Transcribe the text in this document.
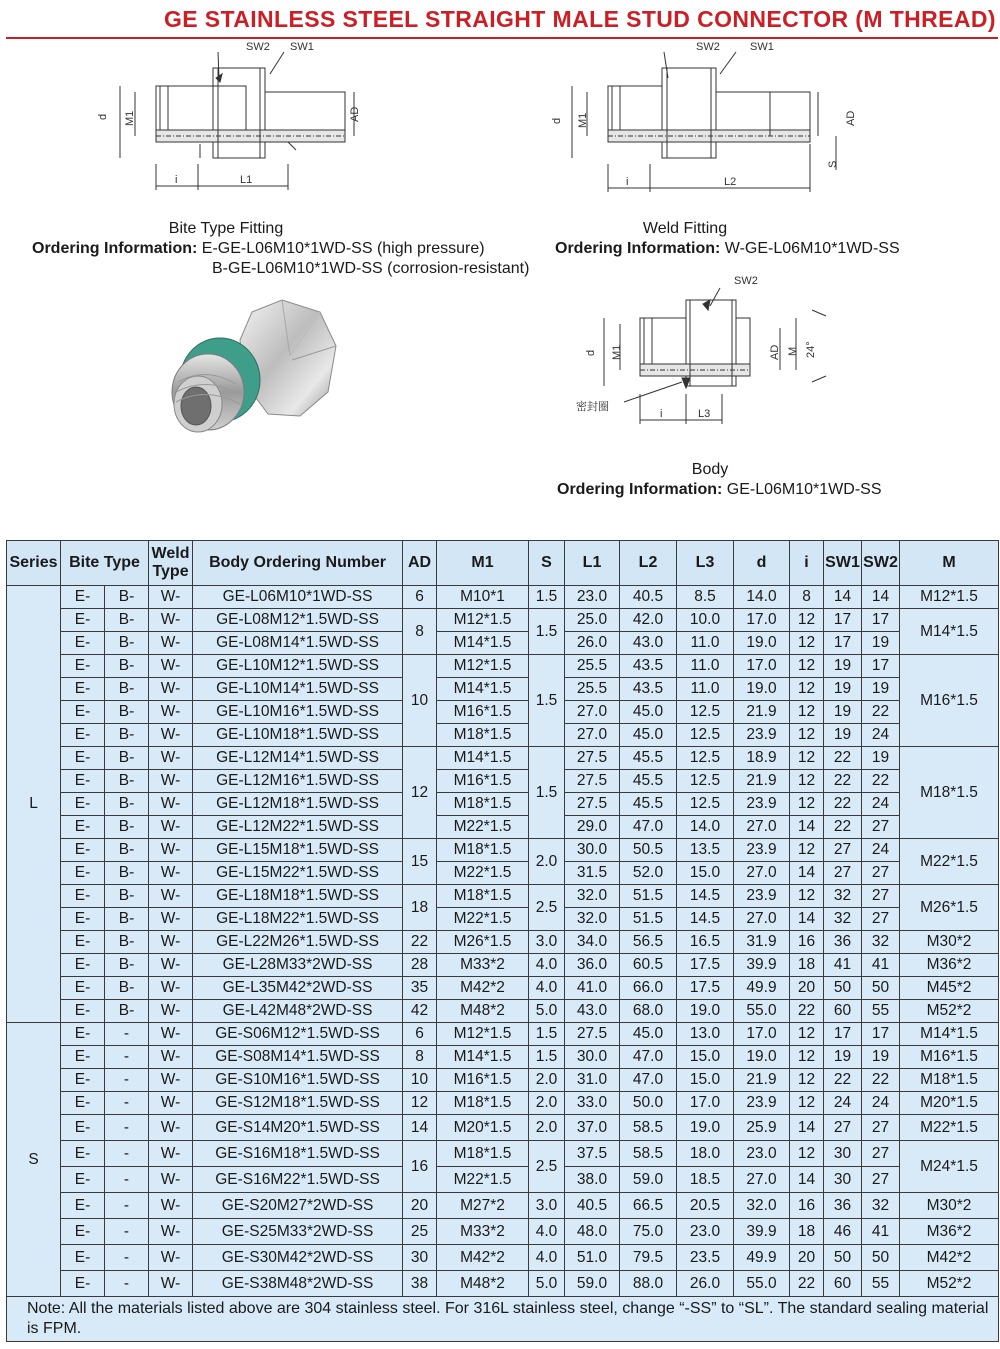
GE STAINLESS STEEL STRAIGHT MALE STUD CONNECTOR (M THREAD)
SW2 SW1
d M1	AD
i	L1
SW2	SW1
d M1	AD
S
i	L2
Bite Type Fitting
Ordering Information: E-GE-L06M10*1WD-SS (high pressure)
B-GE-L06M10*1WD-SS (corrosion-resistant)
Weld Fitting
Ordering Information: W-GE-L06M10*1WD-SS
SW2
d M1	AD M 24°
密封圈
i	L3
Body
Ordering Information: GE-L06M10*1WD-SS
Series	Bite Type		Weld Type	Body Ordering Number	AD	M1	S	L1	L2	L3	d	i	SW1	SW2	M
L	E-	B-	W-	GE-L06M10*1WD-SS	6	M10*1	1.5	23.0	40.5	8.5	14.0	8	14	14	M12*1.5
	E-	B-	W-	GE-L08M12*1.5WD-SS	8	M12*1.5	1.5	25.0	42.0	10.0	17.0	12	17	17	M14*1.5
	E-	B-	W-	GE-L08M14*1.5WD-SS		M14*1.5		26.0	43.0	11.0	19.0	12	17	19	
	E-	B-	W-	GE-L10M12*1.5WD-SS	10	M12*1.5	1.5	25.5	43.5	11.0	17.0	12	19	17	M16*1.5
	E-	B-	W-	GE-L10M14*1.5WD-SS		M14*1.5		25.5	43.5	11.0	19.0	12	19	19	
	E-	B-	W-	GE-L10M16*1.5WD-SS		M16*1.5		27.0	45.0	12.5	21.9	12	19	22	
	E-	B-	W-	GE-L10M18*1.5WD-SS		M18*1.5		27.0	45.0	12.5	23.9	12	19	24	
	E-	B-	W-	GE-L12M14*1.5WD-SS	12	M14*1.5	1.5	27.5	45.5	12.5	18.9	12	22	19	M18*1.5
	E-	B-	W-	GE-L12M16*1.5WD-SS		M16*1.5		27.5	45.5	12.5	21.9	12	22	22	
	E-	B-	W-	GE-L12M18*1.5WD-SS		M18*1.5		27.5	45.5	12.5	23.9	12	22	24	
	E-	B-	W-	GE-L12M22*1.5WD-SS		M22*1.5		29.0	47.0	14.0	27.0	14	22	27	
	E-	B-	W-	GE-L15M18*1.5WD-SS	15	M18*1.5	2.0	30.0	50.5	13.5	23.9	12	27	24	M22*1.5
	E-	B-	W-	GE-L15M22*1.5WD-SS		M22*1.5		31.5	52.0	15.0	27.0	14	27	27	
	E-	B-	W-	GE-L18M18*1.5WD-SS	18	M18*1.5	2.5	32.0	51.5	14.5	23.9	12	32	27	M26*1.5
	E-	B-	W-	GE-L18M22*1.5WD-SS		M22*1.5		32.0	51.5	14.5	27.0	14	32	27	
	E-	B-	W-	GE-L22M26*1.5WD-SS	22	M26*1.5	3.0	34.0	56.5	16.5	31.9	16	36	32	M30*2
	E-	B-	W-	GE-L28M33*2WD-SS	28	M33*2	4.0	36.0	60.5	17.5	39.9	18	41	41	M36*2
	E-	B-	W-	GE-L35M42*2WD-SS	35	M42*2	4.0	41.0	66.0	17.5	49.9	20	50	50	M45*2
	E-	B-	W-	GE-L42M48*2WD-SS	42	M48*2	5.0	43.0	68.0	19.0	55.0	22	60	55	M52*2
S	E-	-	W-	GE-S06M12*1.5WD-SS	6	M12*1.5	1.5	27.5	45.0	13.0	17.0	12	17	17	M14*1.5
	E-	-	W-	GE-S08M14*1.5WD-SS	8	M14*1.5	1.5	30.0	47.0	15.0	19.0	12	19	19	M16*1.5
	E-	-	W-	GE-S10M16*1.5WD-SS	10	M16*1.5	2.0	31.0	47.0	15.0	21.9	12	22	22	M18*1.5
	E-	-	W-	GE-S12M18*1.5WD-SS	12	M18*1.5	2.0	33.0	50.0	17.0	23.9	12	24	24	M20*1.5
	E-	-	W-	GE-S14M20*1.5WD-SS	14	M20*1.5	2.0	37.0	58.5	19.0	25.9	14	27	27	M22*1.5
	E-	-	W-	GE-S16M18*1.5WD-SS	16	M18*1.5	2.5	37.5	58.5	18.0	23.0	12	30	27	M24*1.5
	E-	-	W-	GE-S16M22*1.5WD-SS		M22*1.5		38.0	59.0	18.5	27.0	14	30	27	
	E-	-	W-	GE-S20M27*2WD-SS	20	M27*2	3.0	40.5	66.5	20.5	32.0	16	36	32	M30*2
	E-	-	W-	GE-S25M33*2WD-SS	25	M33*2	4.0	48.0	75.0	23.0	39.9	18	46	41	M36*2
	E-	-	W-	GE-S30M42*2WD-SS	30	M42*2	4.0	51.0	79.5	23.5	49.9	20	50	50	M42*2
	E-	-	W-	GE-S38M48*2WD-SS	38	M48*2	5.0	59.0	88.0	26.0	55.0	22	60	55	M52*2
Note: All the materials listed above are 304 stainless steel. For 316L stainless steel, change “-SS” to “SL”. The standard sealing material is FPM.															
